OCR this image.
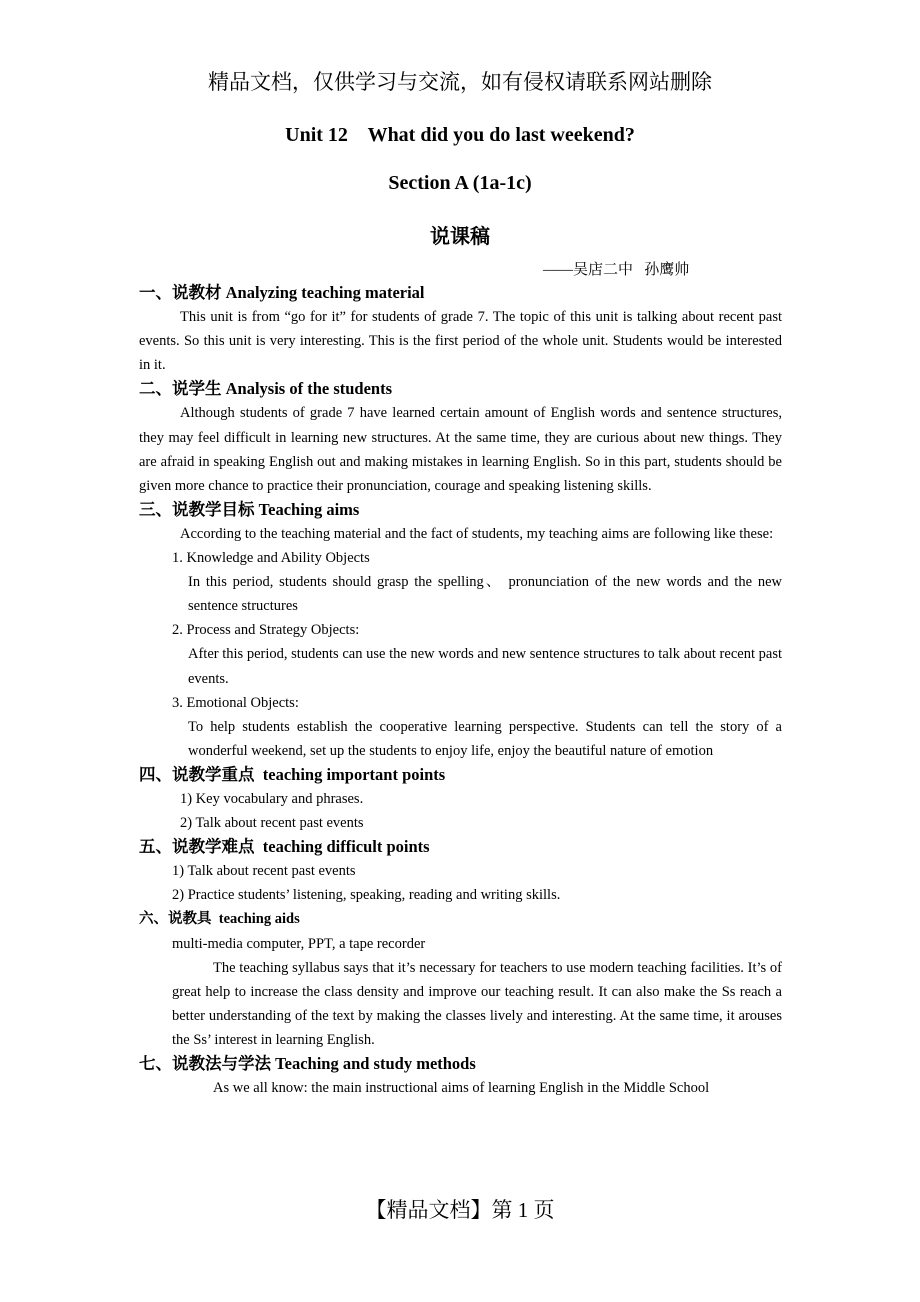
精品文档，仅供学习与交流，如有侵权请联系网站删除
Unit 12    What did you do last weekend?
Section A (1a-1c)
说课稿
——吴店二中   孙鹰帅
一、说教材 Analyzing teaching material

This unit is from “go for it” for students of grade 7. The topic of this unit is talking about recent past events. So this unit is very interesting. This is the first period of the whole unit. Students would be interested in it.

二、说学生 Analysis of the students

Although students of grade 7 have learned certain amount of English words and sentence structures, they may feel difficult in learning new structures. At the same time, they are curious about new things. They are afraid in speaking English out and making mistakes in learning English. So in this part, students should be given more chance to practice their pronunciation, courage and speaking listening skills.

三、说教学目标 Teaching aims

According to the teaching material and the fact of students, my teaching aims are following like these:

1. Knowledge and Ability Objects

In this period, students should grasp the spelling、 pronunciation of the new words and the new sentence structures

2. Process and Strategy Objects:

After this period, students can use the new words and new sentence structures to talk about recent past events.

3. Emotional Objects:

To help students establish the cooperative learning perspective. Students can tell the story of a wonderful weekend, set up the students to enjoy life, enjoy the beautiful nature of emotion

四、说教学重点  teaching important points

1) Key vocabulary and phrases.

2) Talk about recent past events

五、说教学难点  teaching difficult points

1) Talk about recent past events

2) Practice students’ listening, speaking, reading and writing skills.

六、说教具  teaching aids

multi-media computer, PPT, a tape recorder

The teaching syllabus says that it’s necessary for teachers to use modern teaching facilities. It’s of great help to increase the class density and improve our teaching result. It can also make the Ss reach a better understanding of the text by making the classes lively and interesting. At the same time, it arouses the Ss’ interest in learning English.

七、说教法与学法 Teaching and study methods

As we all know: the main instructional aims of learning English in the Middle School

【精品文档】第 1 页
